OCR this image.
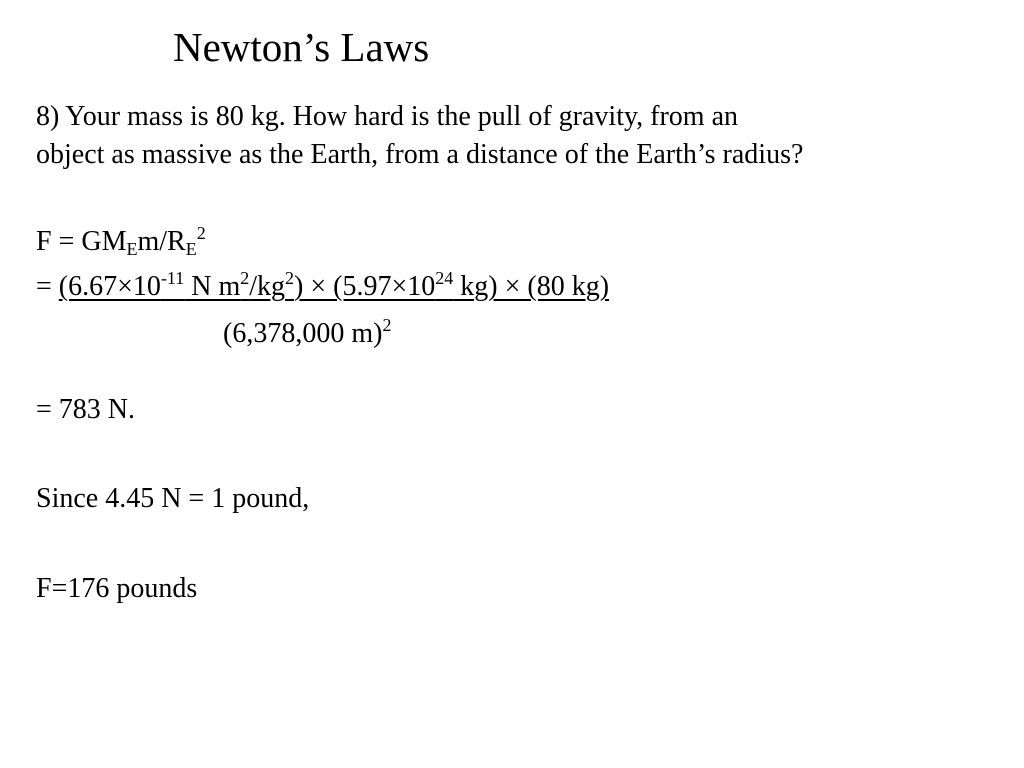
Newton’s Laws
8) Your mass is 80 kg. How hard is the pull of gravity, from an
object as massive as the Earth, from a distance of the Earth’s radius?
$F = GM_Em/R_E^2$
= ($6.67\times 10^{-11}$ N $m^2/kg^2) \times (5.97\times 10^{24}$ kg) × (80 kg)
(6,378,000 m)$^2$
= 783 N.
Since 4.45 N = 1 pound,
F=176 pounds
